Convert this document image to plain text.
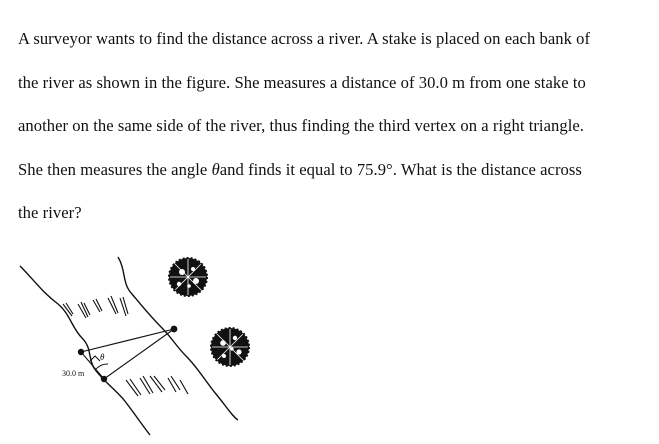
A surveyor wants to find the distance across a river. A stake is placed on each bank of
the river as shown in the figure. She measures a distance of 30.0 m from one stake to
another on the same side of the river, thus finding the third vertex on a right triangle.
She then measures the angle θand finds it equal to 75.9°. What is the distance across
the river?
30.0 m
θ
